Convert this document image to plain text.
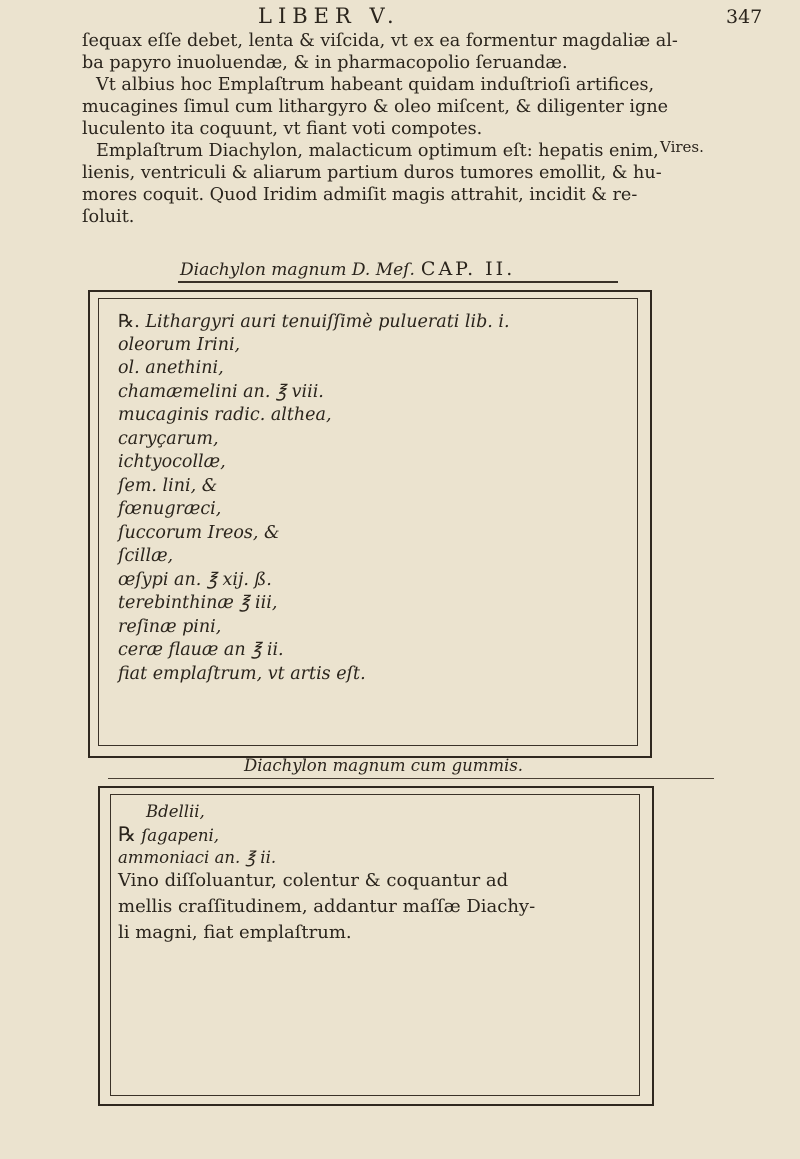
LIBER V.	347
ſequax eſſe debet, lenta & viſcida, vt ex ea formentur magdaliæ al-
ba papyro inuoluendæ, & in pharmacopolio ſeruandæ.
Vt albius hoc Emplaſtrum habeant quidam induſtrioſi artifices,
mucagines ſimul cum lithargyro & oleo miſcent, & diligenter igne
luculento ita coquunt, vt fiant voti compotes.
Emplaſtrum Diachylon, malacticum optimum eſt: hepatis enim,
lienis, ventriculi & aliarum partium duros tumores emollit, & hu-
mores coquit. Quod Iridim admiſit magis attrahit, incidit & re-
ſoluit.
Vires.
Diachylon magnum D. Meſ. CAP. II.
℞. Lithargyri auri tenuiſſimè puluerati lib. i.
oleorum Irini,
ol. anethini,
chamæmelini an. ℥ viii.
mucaginis radic. althea,
caryçarum,
ichtyocollæ,
ſem. lini, &
fœnugræci,
ſuccorum Ireos, &
ſcillæ,
œſypi an. ℥ xij. ß.
terebinthinæ ℥ iii,
reſinæ pini,
ceræ flauæ an ℥ ii.
fiat emplaſtrum, vt artis eſt.
Diachylon magnum cum gummis.
Bdellii,
℞ ſagapeni,
ammoniaci an. ℥ ii.
Vino diſſoluantur, colentur & coquantur ad
mellis craſſitudinem, addantur maſſæ Diachy-
li magni, fiat emplaſtrum.
